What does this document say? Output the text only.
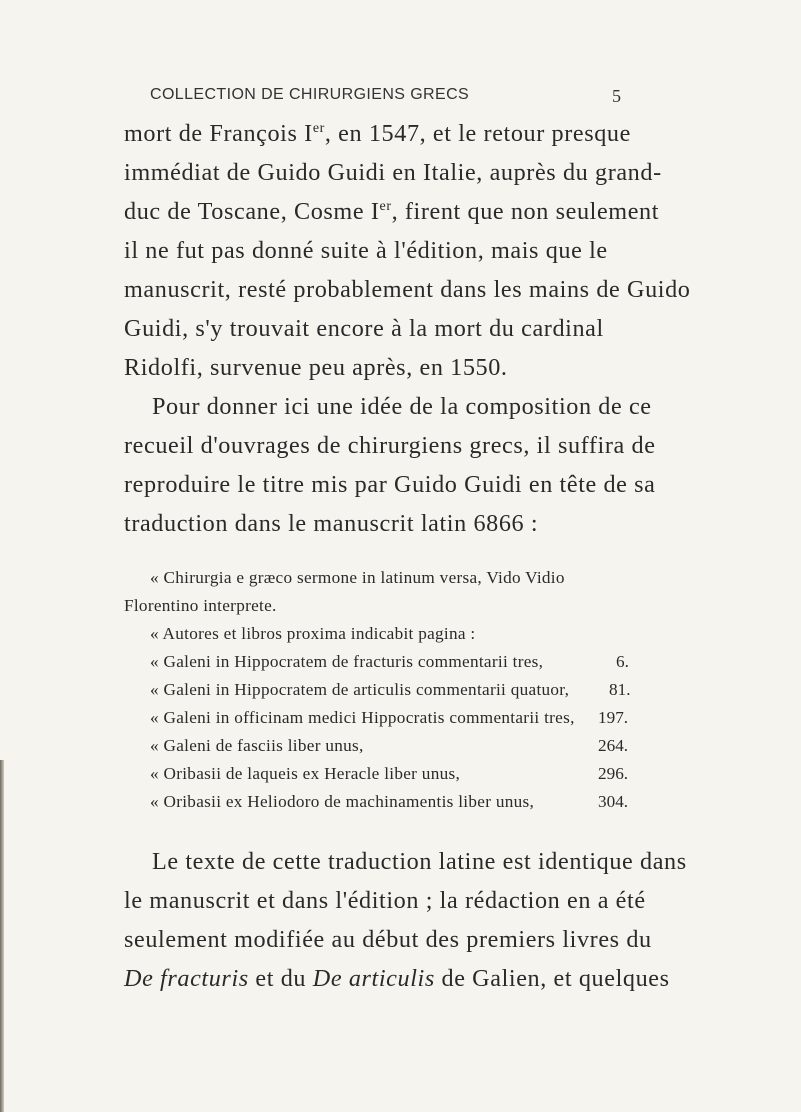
COLLECTION DE CHIRURGIENS GRECS	5
mort de François Ier, en 1547, et le retour presque
immédiat de Guido Guidi en Italie, auprès du grand-
duc de Toscane, Cosme Ier, firent que non seulement
il ne fut pas donné suite à l'édition, mais que le
manuscrit, resté probablement dans les mains de Guido
Guidi, s'y trouvait encore à la mort du cardinal
Ridolfi, survenue peu après, en 1550.
Pour donner ici une idée de la composition de ce
recueil d'ouvrages de chirurgiens grecs, il suffira de
reproduire le titre mis par Guido Guidi en tête de sa
traduction dans le manuscrit latin 6866 :
« Chirurgia e græco sermone in latinum versa, Vido Vidio
Florentino interprete.
« Autores et libros proxima indicabit pagina :
« Galeni in Hippocratem de fracturis commentarii tres,	6.
« Galeni in Hippocratem de articulis commentarii quatuor, 81.
« Galeni in officinam medici Hippocratis commentarii tres, 197.
« Galeni de fasciis liber unus,	264.
« Oribasii de laqueis ex Heracle liber unus,	296.
« Oribasii ex Heliodoro de machinamentis liber unus,	304.
Le texte de cette traduction latine est identique dans
le manuscrit et dans l'édition ; la rédaction en a été
seulement modifiée au début des premiers livres du
De fracturis et du De articulis de Galien, et quelques
